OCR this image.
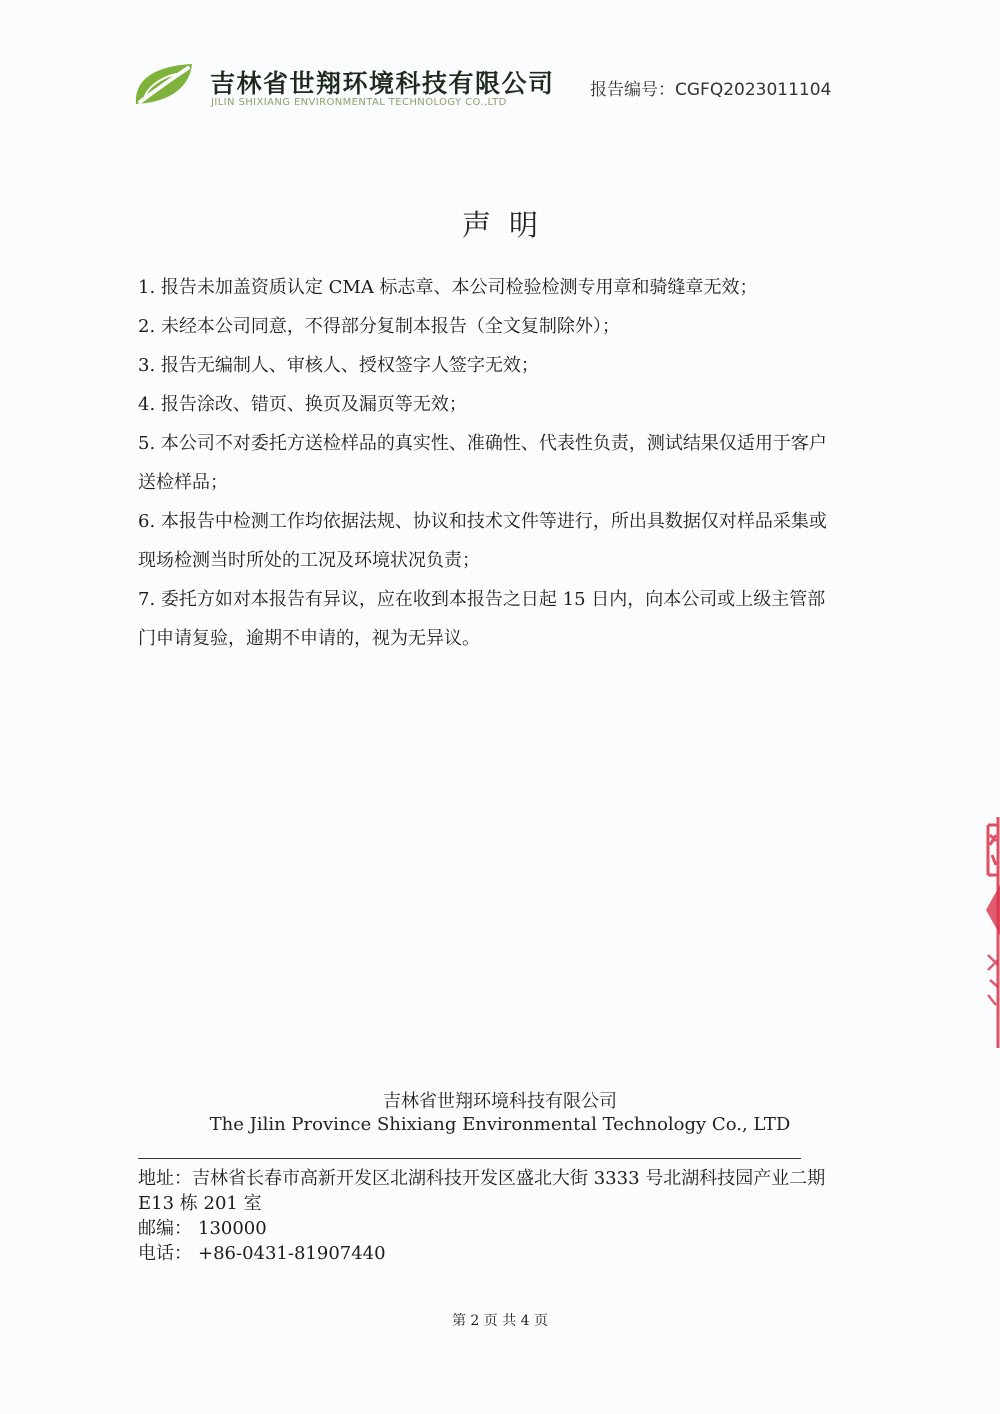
吉林省世翔环境科技有限公司
JILIN SHIXIANG ENVIRONMENTAL TECHNOLOGY CO.,LTD
报告编号：CGFQ2023011104
声明
1. 报告未加盖资质认定 CMA 标志章、本公司检验检测专用章和骑缝章无效；
2. 未经本公司同意，不得部分复制本报告（全文复制除外）；
3. 报告无编制人、审核人、授权签字人签字无效；
4. 报告涂改、错页、换页及漏页等无效；
5. 本公司不对委托方送检样品的真实性、准确性、代表性负责，测试结果仅适用于客户送检样品；
6. 本报告中检测工作均依据法规、协议和技术文件等进行，所出具数据仅对样品采集或现场检测当时所处的工况及环境状况负责；
7. 委托方如对本报告有异议，应在收到本报告之日起 15 日内，向本公司或上级主管部门申请复验，逾期不申请的，视为无异议。
吉林省世翔环境科技有限公司
The Jilin Province Shixiang Environmental Technology Co., LTD
地址：吉林省长春市高新开发区北湖科技开发区盛北大街 3333 号北湖科技园产业二期 E13 栋 201 室
邮编： 130000
电话： +86-0431-81907440
第 2 页 共 4 页
